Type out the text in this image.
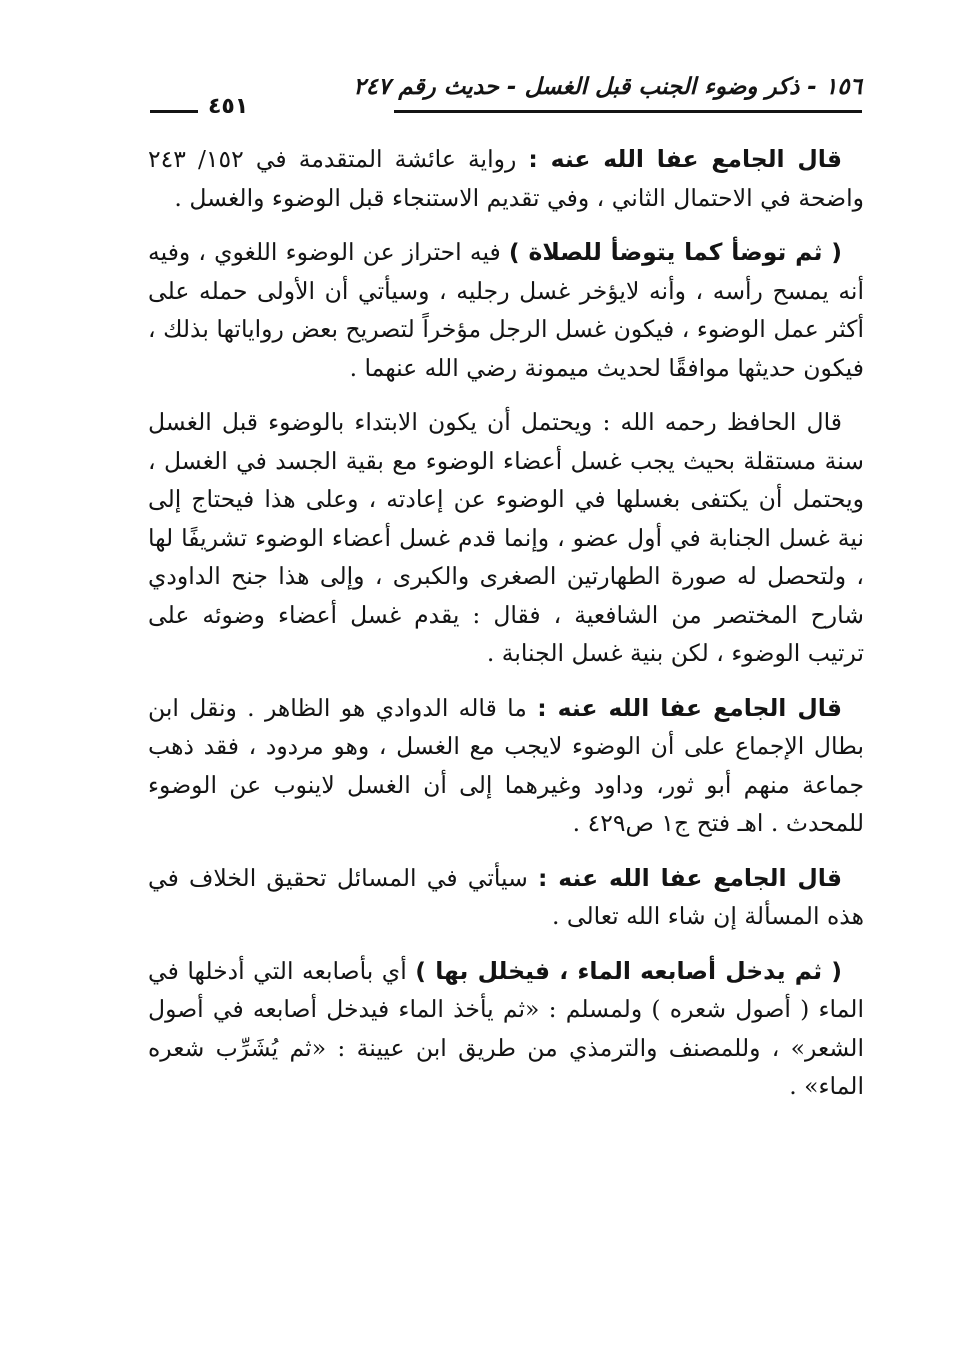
١٥٦ - ذكر وضوء الجنب قبل الغسل - حديث رقم ٢٤٧
٤٥١

قال الجامع عفا الله عنه : رواية عائشة المتقدمة في ١٥٢/ ٢٤٣ واضحة في الاحتمال الثاني ، وفي تقديم الاستنجاء قبل الوضوء والغسل .

( ثم توضأ كما يتوضأ للصلاة ) فيه احتراز عن الوضوء اللغوي ، وفيه أنه يمسح رأسه ، وأنه لايؤخر غسل رجليه ، وسيأتي أن الأولى حمله على أكثر عمل الوضوء ، فيكون غسل الرجل مؤخراً لتصريح بعض رواياتها بذلك ، فيكون حديثها موافقًا لحديث ميمونة رضي الله عنهما .

قال الحافظ رحمه الله : ويحتمل أن يكون الابتداء بالوضوء قبل الغسل سنة مستقلة بحيث يجب غسل أعضاء الوضوء مع بقية الجسد في الغسل ، ويحتمل أن يكتفى بغسلها في الوضوء عن إعادته ، وعلى هذا فيحتاج إلى نية غسل الجنابة في أول عضو ، وإنما قدم غسل أعضاء الوضوء تشريفًا لها ، ولتحصل له صورة الطهارتين الصغرى والكبرى ، وإلى هذا جنح الداودي شارح المختصر من الشافعية ، فقال : يقدم غسل أعضاء وضوئه على ترتيب الوضوء ، لكن بنية غسل الجنابة .

قال الجامع عفا الله عنه : ما قاله الدوادي هو الظاهر . ونقل ابن بطال الإجماع على أن الوضوء لايجب مع الغسل ، وهو مردود ، فقد ذهب جماعة منهم أبو ثور، وداود وغيرهما إلى أن الغسل لاينوب عن الوضوء للمحدث . اهـ فتح ج١ ص٤٢٩ .

قال الجامع عفا الله عنه : سيأتي في المسائل تحقيق الخلاف في هذه المسألة إن شاء الله تعالى .

( ثم يدخل أصابعه الماء ، فيخلل بها ) أي بأصابعه التي أدخلها في الماء ( أصول شعره ) ولمسلم : «ثم يأخذ الماء فيدخل أصابعه في أصول الشعر» ، وللمصنف والترمذي من طريق ابن عيينة : «ثم يُشَرِّب شعره الماء» .
